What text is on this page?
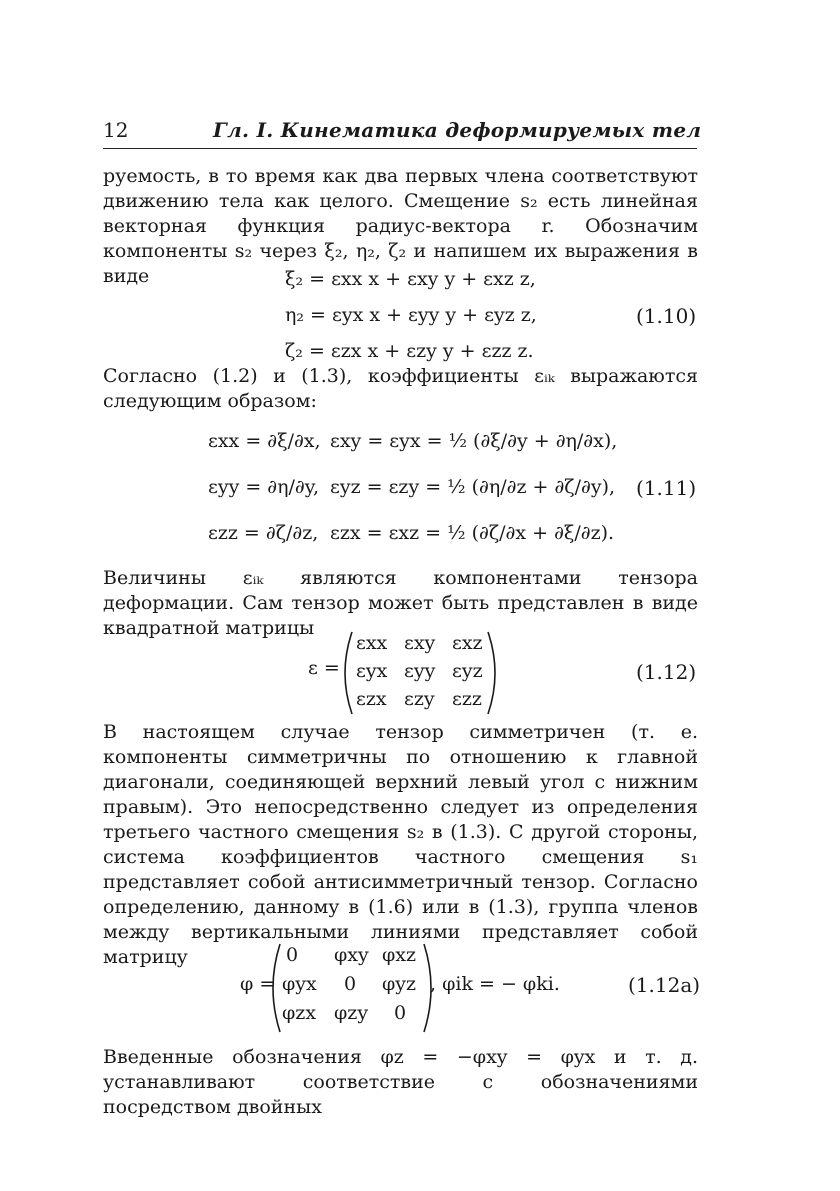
12	Гл. I. Кинематика деформируемых тел

руемость, в то время как два первых члена соответствуют движению тела как целого. Смещение s₂ есть линейная векторная функция радиус-вектора r. Обозначим компоненты s₂ через ξ₂, η₂, ζ₂ и напишем их выражения в виде	ξ₂ = εxx x + εxy y + εxz z,
η₂ = εyx x + εyy y + εyz z,
ζ₂ = εzx x + εzy y + εzz z.
(1.10)

Согласно (1.2) и (1.3), коэффициенты εᵢₖ выражаются следующим образом:

εxx = ∂ξ/∂x, εxy = εyx = ½ (∂ξ/∂y + ∂η/∂x),
εyy = ∂η/∂y, εyz = εzy = ½ (∂η/∂z + ∂ζ/∂y),
εzz = ∂ζ/∂z, εzx = εxz = ½ (∂ζ/∂x + ∂ξ/∂z).
(1.11)

Величины εᵢₖ являются компонентами тензора деформации. Сам тензор может быть представлен в виде квадратной матрицы

ε =
εxx εxy εxz
εyx εyy εyz
εzx εzy εzz
(1.12)

В настоящем случае тензор симметричен (т. е. компоненты симметричны по отношению к главной диагонали, соединяющей верхний левый угол с нижним правым). Это непосредственно следует из определения третьего частного смещения s₂ в (1.3). С другой стороны, система коэффициентов частного смещения s₁ представляет собой антисимметричный тензор. Согласно определению, данному в (1.6) или в (1.3), группа членов между вертикальными линиями представляет собой матрицу

φ =
0 φxy φxz
φyx 0 φyz
φzx φzy 0
, φik = − φki.	(1.12a)

Введенные обозначения φz = −φxy = φyx и т. д. устанавливают соответствие с обозначениями посредством двойных
